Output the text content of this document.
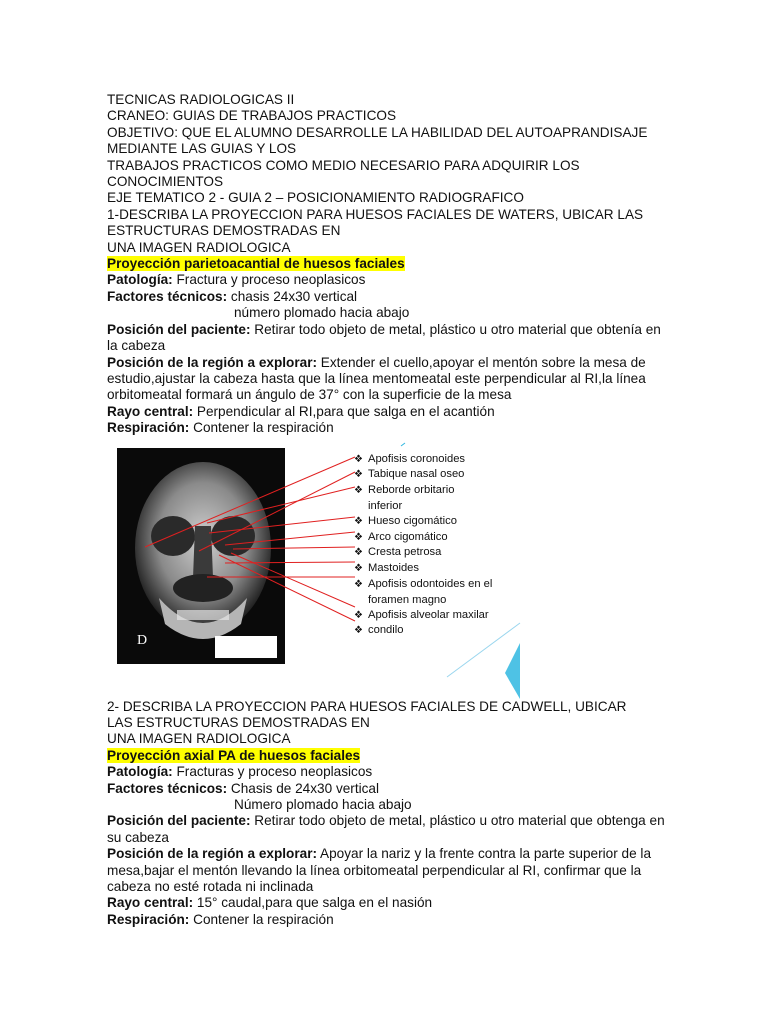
TECNICAS RADIOLOGICAS II
CRANEO: GUIAS DE TRABAJOS PRACTICOS
OBJETIVO: QUE EL ALUMNO DESARROLLE LA HABILIDAD DEL AUTOAPRANDISAJE
MEDIANTE LAS GUIAS Y LOS
TRABAJOS PRACTICOS COMO MEDIO NECESARIO PARA ADQUIRIR LOS
CONOCIMIENTOS
EJE TEMATICO 2 - GUIA 2 – POSICIONAMIENTO RADIOGRAFICO
1-DESCRIBA LA PROYECCION PARA HUESOS FACIALES DE WATERS, UBICAR LAS
ESTRUCTURAS DEMOSTRADAS EN
UNA IMAGEN RADIOLOGICA
Proyección parietoacantial de huesos faciales
Patología: Fractura y proceso neoplasicos
Factores técnicos: chasis 24x30 vertical
número plomado hacia abajo
Posición del paciente: Retirar todo objeto de metal, plástico u otro material que obtenía en la cabeza
Posición de la región a explorar: Extender el cuello,apoyar el mentón sobre la mesa de estudio,ajustar la cabeza hasta que la línea mentomeatal este perpendicular al RI,la línea orbitomeatal formará un ángulo de 37° con la superficie de la mesa
Rayo central: Perpendicular al RI,para que salga en el acantión
Respiración: Contener la respiración
D
❖ Apofisis coronoides
❖ Tabique nasal oseo
❖ Reborde orbitario
inferior
❖ Hueso cigomático
❖ Arco cigomático
❖ Cresta petrosa
❖ Mastoides
❖ Apofisis odontoides en el
foramen magno
❖ Apofisis alveolar maxilar
❖ condilo
2- DESCRIBA LA PROYECCION PARA HUESOS FACIALES DE CADWELL, UBICAR
LAS ESTRUCTURAS DEMOSTRADAS EN
UNA IMAGEN RADIOLOGICA
Proyección axial PA de huesos faciales
Patología: Fracturas y proceso neoplasicos
Factores técnicos: Chasis de 24x30 vertical
Número plomado hacia abajo
Posición del paciente: Retirar todo objeto de metal, plástico u otro material que obtenga en su cabeza
Posición de la región a explorar: Apoyar la nariz y la frente contra la parte superior de la mesa,bajar el mentón llevando la línea orbitomeatal perpendicular al RI, confirmar que la cabeza no esté rotada ni inclinada
Rayo central: 15° caudal,para que salga en el nasión
Respiración: Contener la respiración
